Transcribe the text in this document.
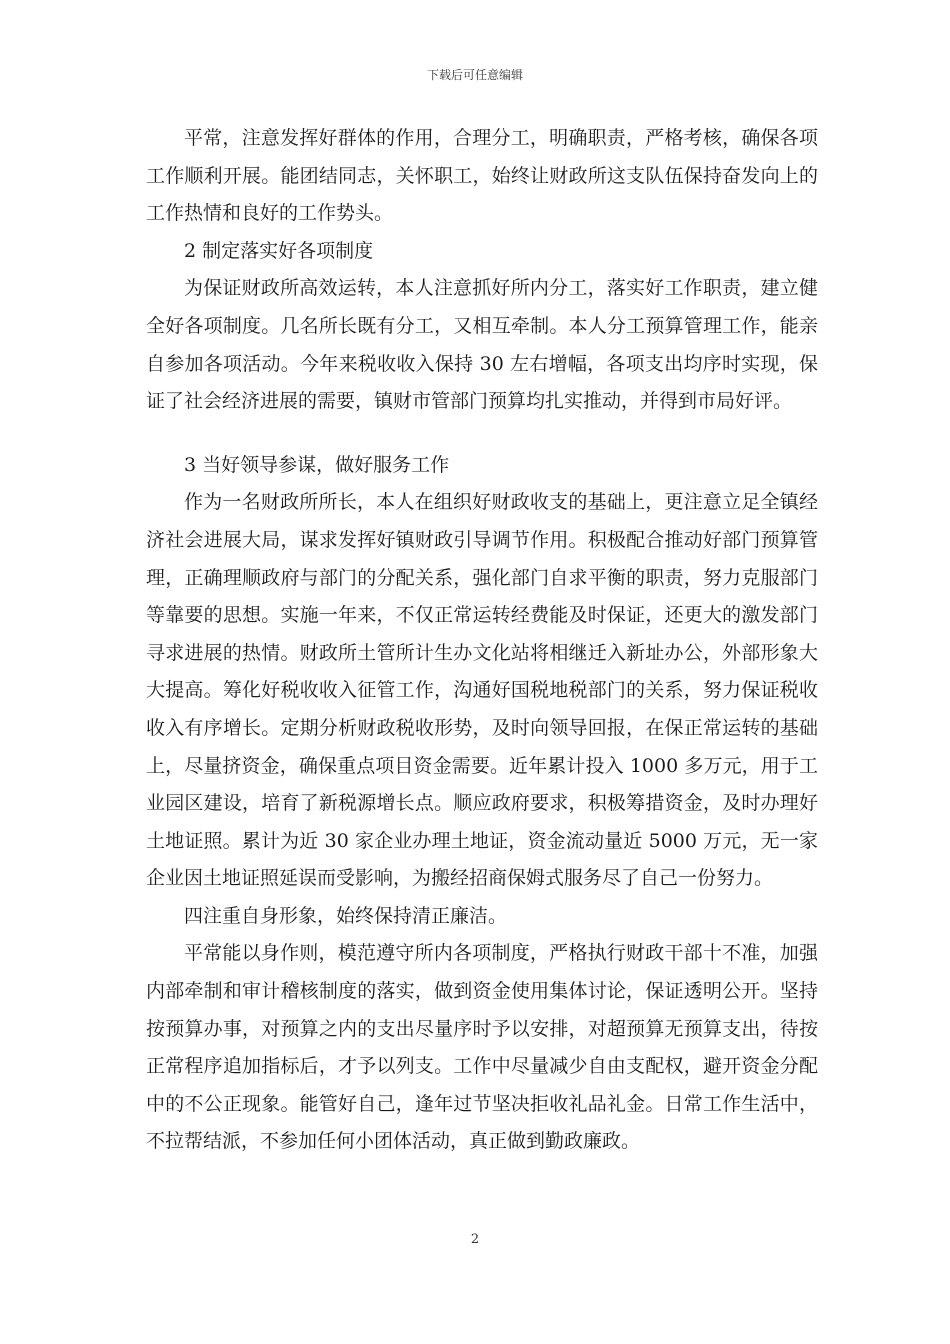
下载后可任意编辑

平常，注意发挥好群体的作用，合理分工，明确职责，严格考核，确保各项工作顺利开展。能团结同志，关怀职工，始终让财政所这支队伍保持奋发向上的工作热情和良好的工作势头。

2 制定落实好各项制度

为保证财政所高效运转，本人注意抓好所内分工，落实好工作职责，建立健全好各项制度。几名所长既有分工，又相互牵制。本人分工预算管理工作，能亲自参加各项活动。今年来税收收入保持 30 左右增幅，各项支出均序时实现，保证了社会经济进展的需要，镇财市管部门预算均扎实推动，并得到市局好评。

3 当好领导参谋，做好服务工作

作为一名财政所所长，本人在组织好财政收支的基础上，更注意立足全镇经济社会进展大局，谋求发挥好镇财政引导调节作用。积极配合推动好部门预算管理，正确理顺政府与部门的分配关系，强化部门自求平衡的职责，努力克服部门等靠要的思想。实施一年来，不仅正常运转经费能及时保证，还更大的激发部门寻求进展的热情。财政所土管所计生办文化站将相继迁入新址办公，外部形象大大提高。筹化好税收收入征管工作，沟通好国税地税部门的关系，努力保证税收收入有序增长。定期分析财政税收形势，及时向领导回报，在保正常运转的基础上，尽量挤资金，确保重点项目资金需要。近年累计投入 1000 多万元，用于工业园区建设，培育了新税源增长点。顺应政府要求，积极筹措资金，及时办理好土地证照。累计为近 30 家企业办理土地证，资金流动量近 5000 万元，无一家企业因土地证照延误而受影响，为搬经招商保姆式服务尽了自己一份努力。

四注重自身形象，始终保持清正廉洁。

平常能以身作则，模范遵守所内各项制度，严格执行财政干部十不准，加强内部牵制和审计稽核制度的落实，做到资金使用集体讨论，保证透明公开。坚持按预算办事，对预算之内的支出尽量序时予以安排，对超预算无预算支出，待按正常程序追加指标后，才予以列支。工作中尽量减少自由支配权，避开资金分配中的不公正现象。能管好自己，逢年过节坚决拒收礼品礼金。日常工作生活中，不拉帮结派，不参加任何小团体活动，真正做到勤政廉政。

2
